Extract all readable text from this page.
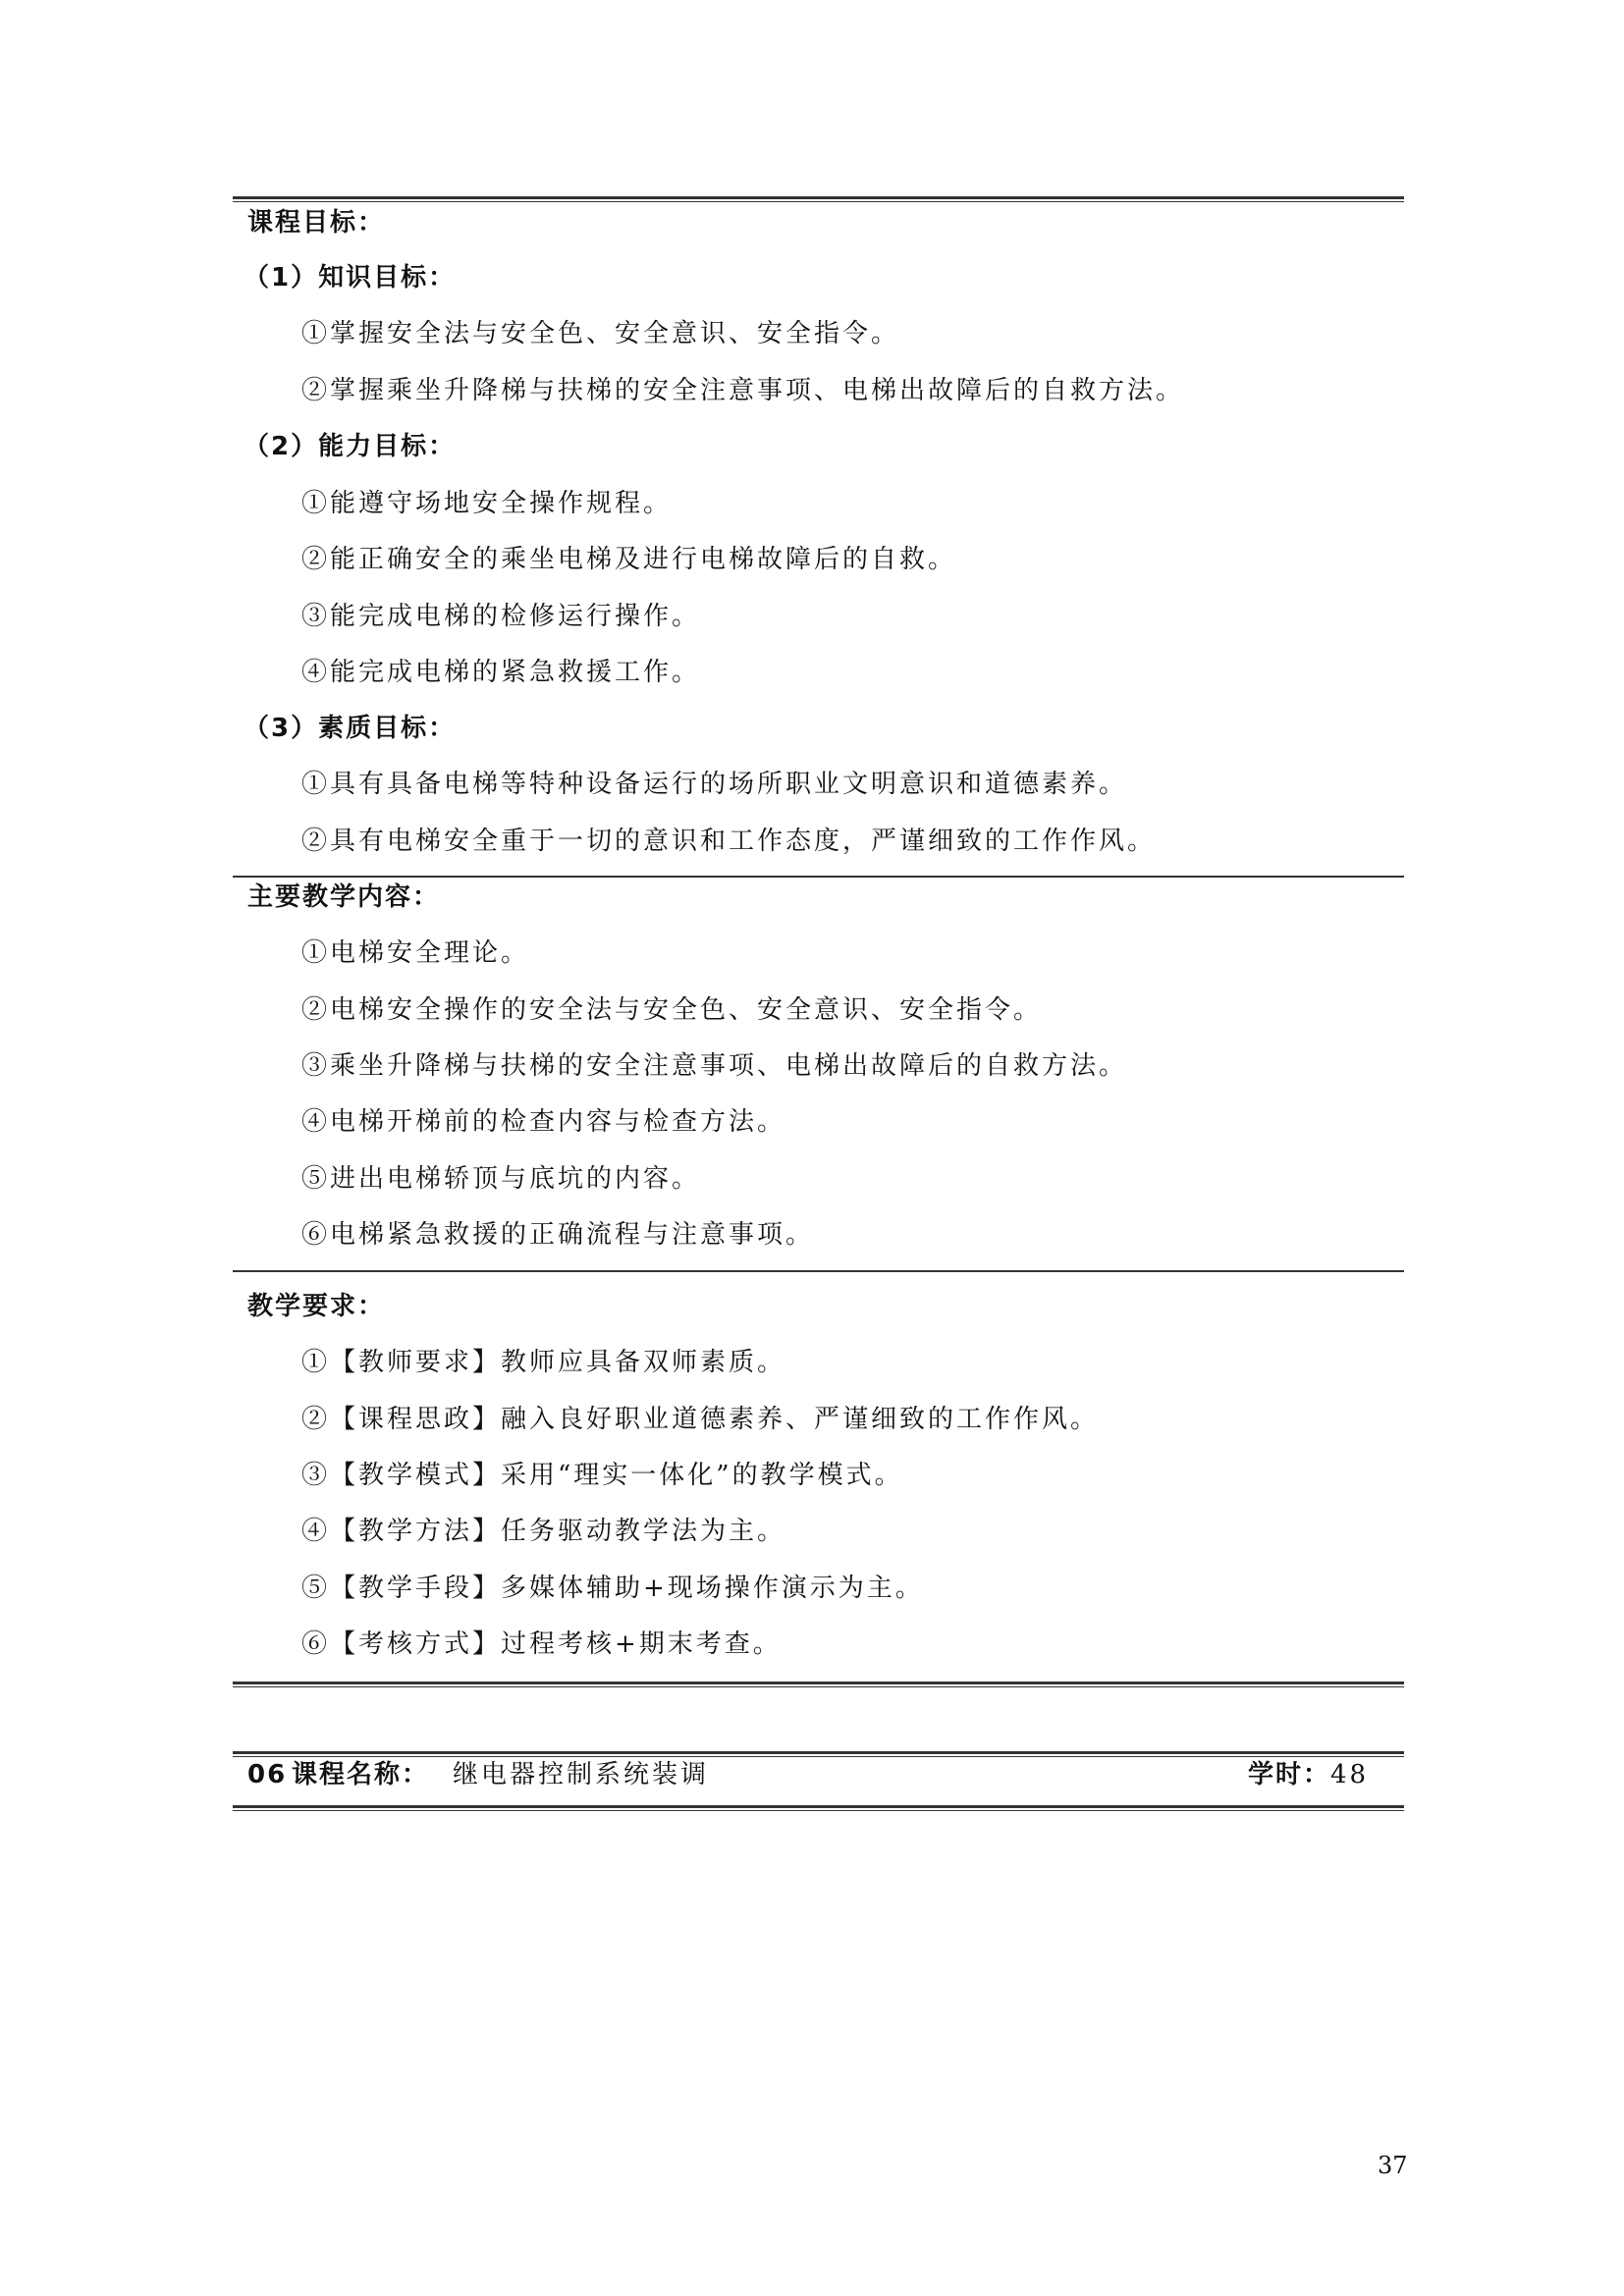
课程目标：
（1）知识目标：
①掌握安全法与安全色、安全意识、安全指令。
②掌握乘坐升降梯与扶梯的安全注意事项、电梯出故障后的自救方法。
（2）能力目标：
①能遵守场地安全操作规程。
②能正确安全的乘坐电梯及进行电梯故障后的自救。
③能完成电梯的检修运行操作。
④能完成电梯的紧急救援工作。
（3）素质目标：
①具有具备电梯等特种设备运行的场所职业文明意识和道德素养。
②具有电梯安全重于一切的意识和工作态度，严谨细致的工作作风。
主要教学内容：
①电梯安全理论。
②电梯安全操作的安全法与安全色、安全意识、安全指令。
③乘坐升降梯与扶梯的安全注意事项、电梯出故障后的自救方法。
④电梯开梯前的检查内容与检查方法。
⑤进出电梯轿顶与底坑的内容。
⑥电梯紧急救援的正确流程与注意事项。
教学要求：
①【教师要求】教师应具备双师素质。
②【课程思政】融入良好职业道德素养、严谨细致的工作作风。
③【教学模式】采用“理实一体化”的教学模式。
④【教学方法】任务驱动教学法为主。
⑤【教学手段】多媒体辅助+现场操作演示为主。
⑥【考核方式】过程考核+期末考查。
06 课程名称： 继电器控制系统装调	学时： 48
37
